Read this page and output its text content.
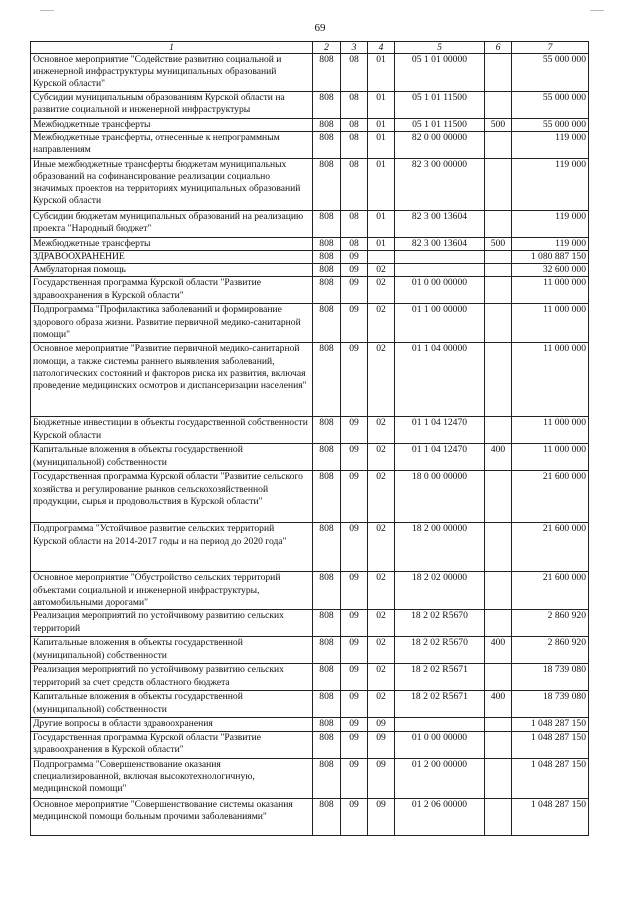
69
1	2	3	4	5	6	7
Основное мероприятие "Содействие развитию социальной и инженерной инфраструктуры муниципальных образований Курской области"	808	08	01	05 1 01 00000		55 000 000
Субсидии муниципальным образованиям Курской области на развитие социальной и инженерной инфраструктуры	808	08	01	05 1 01 11500		55 000 000
Межбюджетные трансферты	808	08	01	05 1 01 11500	500	55 000 000
Межбюджетные трансферты, отнесенные к непрограммным направлениям	808	08	01	82 0 00 00000		119 000
Иные межбюджетные трансферты бюджетам муниципальных образований на софинансирование реализации социально значимых проектов на территориях муниципальных образований Курской области	808	08	01	82 3 00 00000		119 000
Субсидии бюджетам муниципальных образований на реализацию проекта "Народный бюджет"	808	08	01	82 3 00 13604		119 000
Межбюджетные трансферты	808	08	01	82 3 00 13604	500	119 000
ЗДРАВООХРАНЕНИЕ	808	09				1 080 887 150
Амбулаторная помощь	808	09	02			32 600 000
Государственная программа Курской области "Развитие здравоохранения в Курской области"	808	09	02	01 0 00 00000		11 000 000
Подпрограмма "Профилактика заболеваний и формирование здорового образа жизни. Развитие первичной медико-санитарной помощи"	808	09	02	01 1 00 00000		11 000 000
Основное мероприятие "Развитие первичной медико-санитарной помощи, а также системы раннего выявления заболеваний, патологических состояний и факторов риска их развития, включая проведение медицинских осмотров и диспансеризации населения"	808	09	02	01 1 04 00000		11 000 000
Бюджетные инвестиции в объекты государственной собственности Курской области	808	09	02	01 1 04 12470		11 000 000
Капитальные вложения в объекты государственной (муниципальной) собственности	808	09	02	01 1 04 12470	400	11 000 000
Государственная программа Курской области "Развитие сельского хозяйства и регулирование рынков сельскохозяйственной продукции, сырья и продовольствия в Курской области"	808	09	02	18 0 00 00000		21 600 000
Подпрограмма "Устойчивое развитие сельских территорий Курской области на 2014-2017 годы и на период до 2020 года"	808	09	02	18 2 00 00000		21 600 000
Основное мероприятие "Обустройство сельских территорий объектами социальной и инженерной инфраструктуры, автомобильными дорогами"	808	09	02	18 2 02 00000		21 600 000
Реализация мероприятий по устойчивому развитию сельских территорий	808	09	02	18 2 02 R5670		2 860 920
Капитальные вложения в объекты государственной (муниципальной) собственности	808	09	02	18 2 02 R5670	400	2 860 920
Реализация мероприятий по устойчивому развитию сельских территорий за счет средств областного бюджета	808	09	02	18 2 02 R5671		18 739 080
Капитальные вложения в объекты государственной (муниципальной) собственности	808	09	02	18 2 02 R5671	400	18 739 080
Другие вопросы в области здравоохранения	808	09	09			1 048 287 150
Государственная программа Курской области "Развитие здравоохранения в Курской области"	808	09	09	01 0 00 00000		1 048 287 150
Подпрограмма "Совершенствование оказания специализированной, включая высокотехнологичную, медицинской помощи"	808	09	09	01 2 00 00000		1 048 287 150
Основное мероприятие "Совершенствование системы оказания медицинской помощи больным прочими заболеваниями"	808	09	09	01 2 06 00000		1 048 287 150
